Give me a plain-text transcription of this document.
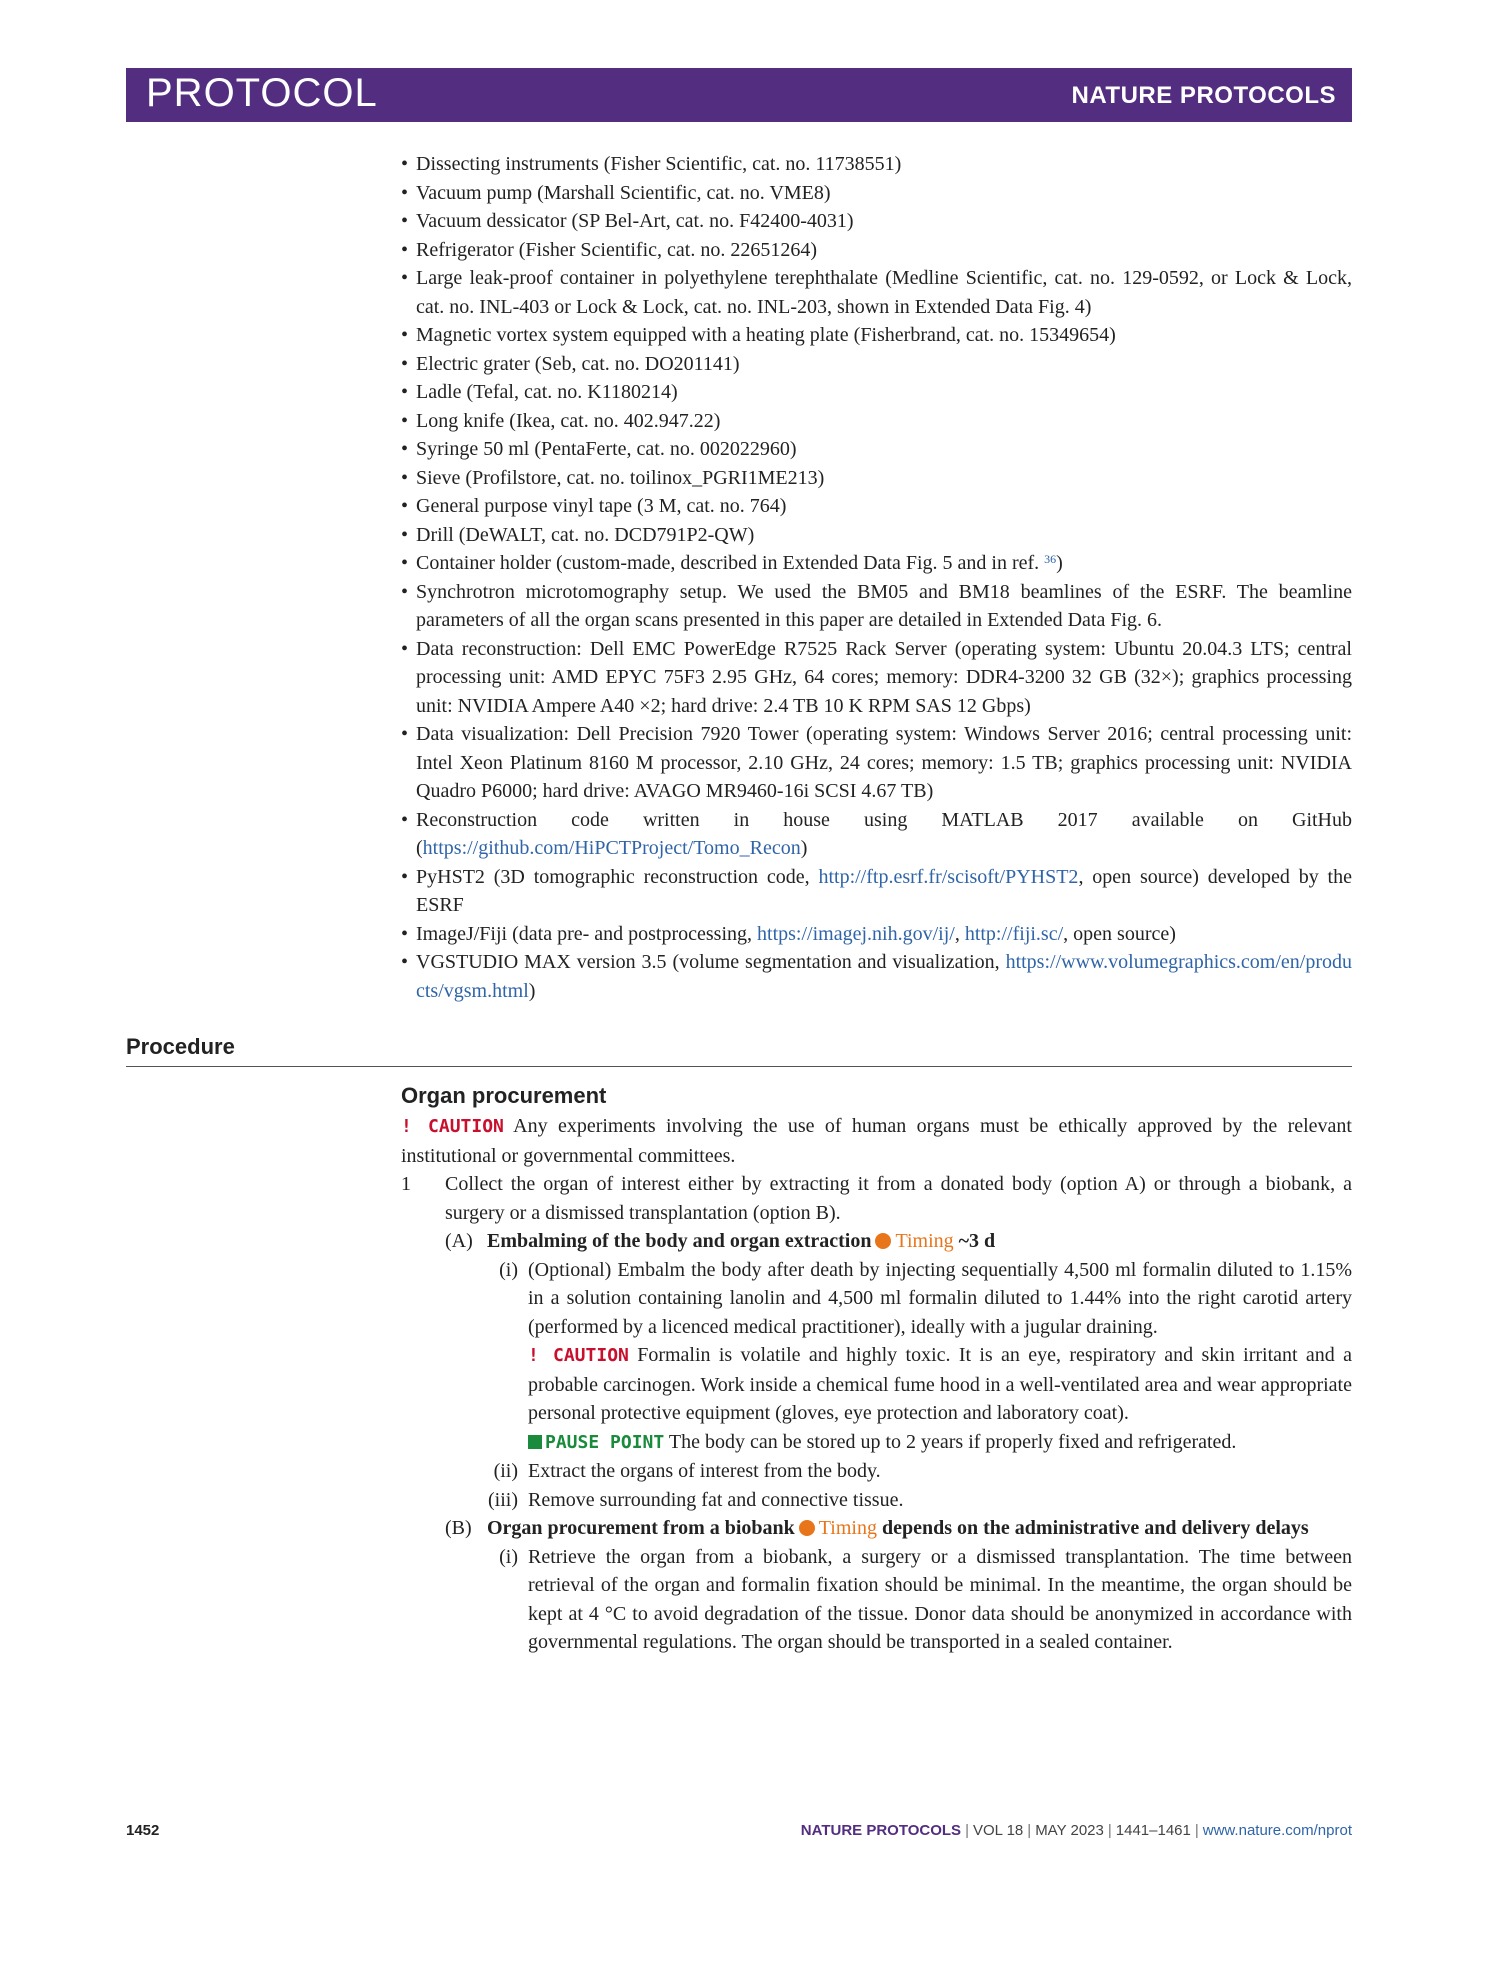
PROTOCOL	NATURE PROTOCOLS
• Dissecting instruments (Fisher Scientific, cat. no. 11738551)
• Vacuum pump (Marshall Scientific, cat. no. VME8)
• Vacuum dessicator (SP Bel-Art, cat. no. F42400-4031)
• Refrigerator (Fisher Scientific, cat. no. 22651264)
• Large leak-proof container in polyethylene terephthalate (Medline Scientific, cat. no. 129-0592, or Lock & Lock, cat. no. INL-403 or Lock & Lock, cat. no. INL-203, shown in Extended Data Fig. 4)
• Magnetic vortex system equipped with a heating plate (Fisherbrand, cat. no. 15349654)
• Electric grater (Seb, cat. no. DO201141)
• Ladle (Tefal, cat. no. K1180214)
• Long knife (Ikea, cat. no. 402.947.22)
• Syringe 50 ml (PentaFerte, cat. no. 002022960)
• Sieve (Profilstore, cat. no. toilinox_PGRI1ME213)
• General purpose vinyl tape (3 M, cat. no. 764)
• Drill (DeWALT, cat. no. DCD791P2-QW)
• Container holder (custom-made, described in Extended Data Fig. 5 and in ref. $^{36}$)
• Synchrotron microtomography setup. We used the BM05 and BM18 beamlines of the ESRF. The beamline parameters of all the organ scans presented in this paper are detailed in Extended Data Fig. 6.
• Data reconstruction: Dell EMC PowerEdge R7525 Rack Server (operating system: Ubuntu 20.04.3 LTS; central processing unit: AMD EPYC 75F3 2.95 GHz, 64 cores; memory: DDR4-3200 32 GB (32×); graphics processing unit: NVIDIA Ampere A40 ×2; hard drive: 2.4 TB 10 K RPM SAS 12 Gbps)
• Data visualization: Dell Precision 7920 Tower (operating system: Windows Server 2016; central processing unit: Intel Xeon Platinum 8160 M processor, 2.10 GHz, 24 cores; memory: 1.5 TB; graphics processing unit: NVIDIA Quadro P6000; hard drive: AVAGO MR9460-16i SCSI 4.67 TB)
• Reconstruction code written in house using MATLAB 2017 available on GitHub (https://github.com/HiPCTProject/Tomo_Recon)
• PyHST2 (3D tomographic reconstruction code, http://ftp.esrf.fr/scisoft/PYHST2, open source) developed by the ESRF
• ImageJ/Fiji (data pre- and postprocessing, https://imagej.nih.gov/ij/, http://fiji.sc/, open source)
• VGSTUDIO MAX version 3.5 (volume segmentation and visualization, https://www.volumegraphics.com/en/products/vgsm.html)
Procedure
Organ procurement
! CAUTION Any experiments involving the use of human organs must be ethically approved by the relevant institutional or governmental committees.
1 Collect the organ of interest either by extracting it from a donated body (option A) or through a biobank, a surgery or a dismissed transplantation (option B).
(A) Embalming of the body and organ extraction Timing ~3 d
(i) (Optional) Embalm the body after death by injecting sequentially 4,500 ml formalin diluted to 1.15% in a solution containing lanolin and 4,500 ml formalin diluted to 1.44% into the right carotid artery (performed by a licenced medical practitioner), ideally with a jugular draining.
! CAUTION Formalin is volatile and highly toxic. It is an eye, respiratory and skin irritant and a probable carcinogen. Work inside a chemical fume hood in a well-ventilated area and wear appropriate personal protective equipment (gloves, eye protection and laboratory coat).
PAUSE POINT The body can be stored up to 2 years if properly fixed and refrigerated.
(ii) Extract the organs of interest from the body.
(iii) Remove surrounding fat and connective tissue.
(B) Organ procurement from a biobank Timing depends on the administrative and delivery delays
(i) Retrieve the organ from a biobank, a surgery or a dismissed transplantation. The time between retrieval of the organ and formalin fixation should be minimal. In the meantime, the organ should be kept at 4 °C to avoid degradation of the tissue. Donor data should be anonymized in accordance with governmental regulations. The organ should be transported in a sealed container.
1452	NATURE PROTOCOLS | VOL 18 | MAY 2023 | 1441–1461 | www.nature.com/nprot
